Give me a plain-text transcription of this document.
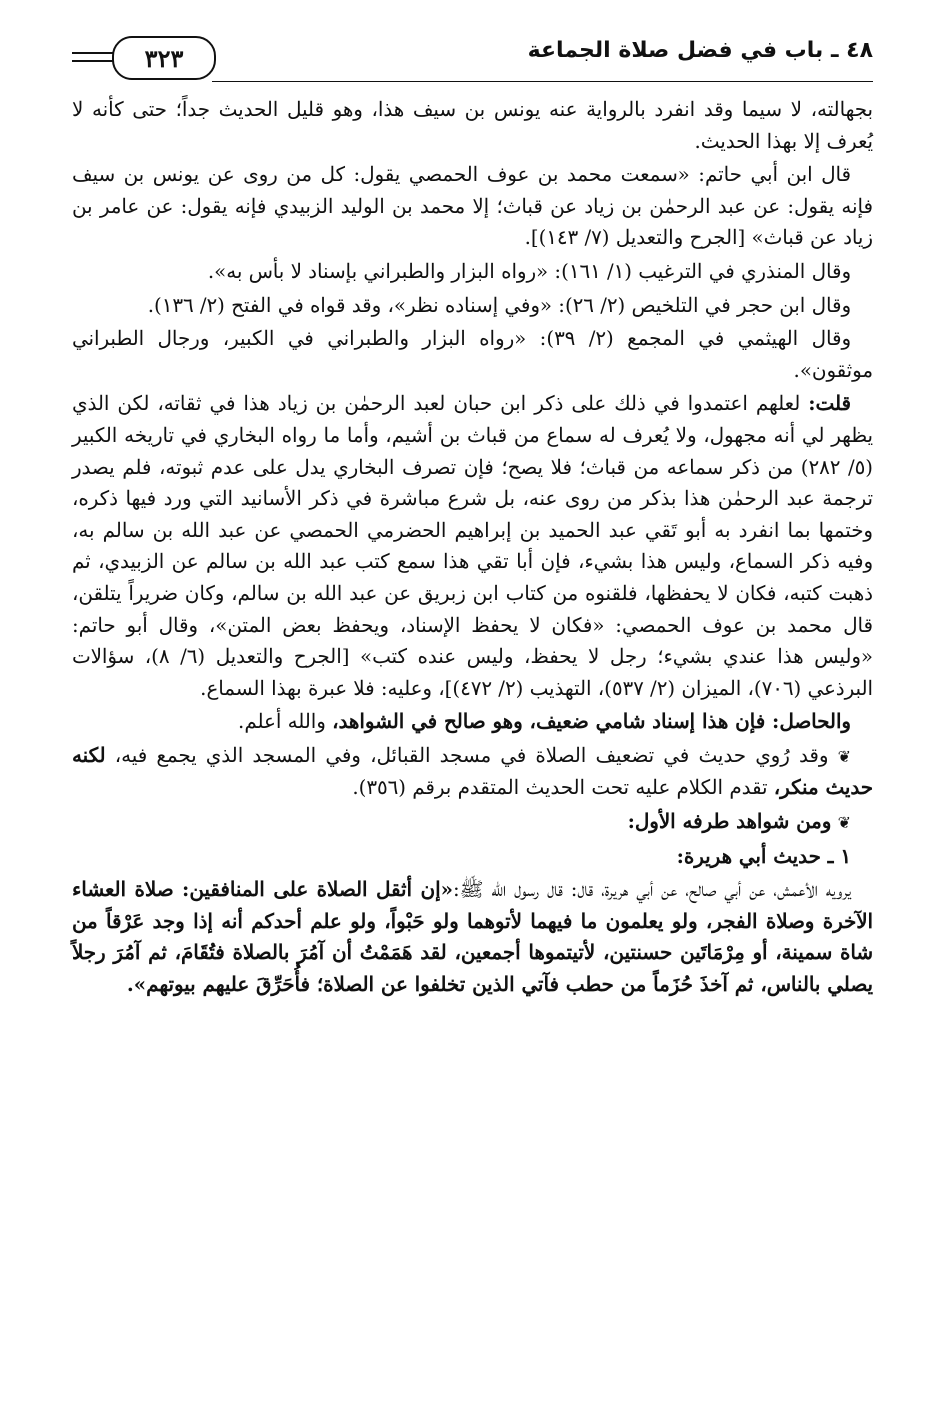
٤٨ ـ باب في فضل صلاة الجماعة
٣٢٣

بجهالته، لا سيما وقد انفرد بالرواية عنه يونس بن سيف هذا، وهو قليل الحديث جداً؛ حتى كأنه لا يُعرف إلا بهذا الحديث.

قال ابن أبي حاتم: «سمعت محمد بن عوف الحمصي يقول: كل من روى عن يونس بن سيف فإنه يقول: عن عبد الرحمٰن بن زياد عن قباث؛ إلا محمد بن الوليد الزبيدي فإنه يقول: عن عامر بن زياد عن قباث» [الجرح والتعديل (٧/ ١٤٣)].

وقال المنذري في الترغيب (١/ ١٦١): «رواه البزار والطبراني بإسناد لا بأس به».

وقال ابن حجر في التلخيص (٢/ ٢٦): «وفي إسناده نظر»، وقد قواه في الفتح (٢/ ١٣٦).

وقال الهيثمي في المجمع (٢/ ٣٩): «رواه البزار والطبراني في الكبير، ورجال الطبراني موثقون».

قلت: لعلهم اعتمدوا في ذلك على ذكر ابن حبان لعبد الرحمٰن بن زياد هذا في ثقاته، لكن الذي يظهر لي أنه مجهول، ولا يُعرف له سماع من قباث بن أشيم، وأما ما رواه البخاري في تاريخه الكبير (٥/ ٢٨٢) من ذكر سماعه من قباث؛ فلا يصح؛ فإن تصرف البخاري يدل على عدم ثبوته، فلم يصدر ترجمة عبد الرحمٰن هذا بذكر من روى عنه، بل شرع مباشرة في ذكر الأسانيد التي ورد فيها ذكره، وختمها بما انفرد به أبو تَقي عبد الحميد بن إبراهيم الحضرمي الحمصي عن عبد الله بن سالم به، وفيه ذكر السماع، وليس هذا بشيء، فإن أبا تقي هذا سمع كتب عبد الله بن سالم عن الزبيدي، ثم ذهبت كتبه، فكان لا يحفظها، فلقنوه من كتاب ابن زبريق عن عبد الله بن سالم، وكان ضريراً يتلقن، قال محمد بن عوف الحمصي: «فكان لا يحفظ الإسناد، ويحفظ بعض المتن»، وقال أبو حاتم: «وليس هذا عندي بشيء؛ رجل لا يحفظ، وليس عنده كتب» [الجرح والتعديل (٦/ ٨)، سؤالات البرذعي (٧٠٦)، الميزان (٢/ ٥٣٧)، التهذيب (٢/ ٤٧٢)]، وعليه: فلا عبرة بهذا السماع.

والحاصل: فإن هذا إسناد شامي ضعيف، وهو صالح في الشواهد، والله أعلم.

❦ وقد رُوي حديث في تضعيف الصلاة في مسجد القبائل، وفي المسجد الذي يجمع فيه، لكنه حديث منكر، تقدم الكلام عليه تحت الحديث المتقدم برقم (٣٥٦).

❦ ومن شواهد طرفه الأول:

١ ـ حديث أبي هريرة:

يرويه الأعمش، عن أبي صالح، عن أبي هريرة، قال: قال رسول الله ﷺ:«إن أثقل الصلاة على المنافقين: صلاة العشاء الآخرة وصلاة الفجر، ولو يعلمون ما فيهما لأتوهما ولو حَبْواً، ولو علم أحدكم أنه إذا وجد عَرْقاً من شاة سمينة، أو مِرْمَاتَين حسنتين، لأتيتموها أجمعين، لقد هَمَمْتُ أن آمُرَ بالصلاة فتُقَامَ، ثم آمُرَ رجلاً يصلي بالناس، ثم آخذَ حُزَماً من حطب فآتي الذين تخلفوا عن الصلاة؛ فأُحَرِّقَ عليهم بيوتهم».
